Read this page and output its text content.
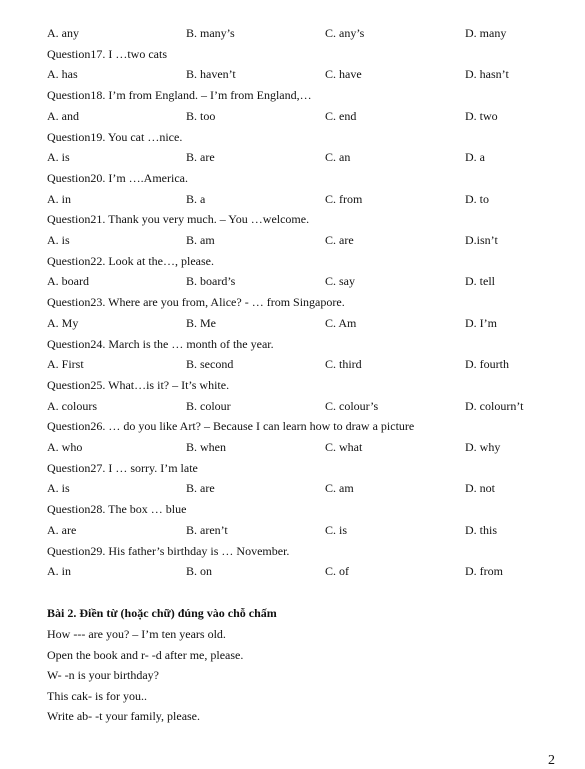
A. any	B. many’s	C. any’s	D. many
Question17. I …two cats
A. has	B. haven’t	C. have	D. hasn’t
Question18. I’m from England. – I’m from England,…
A. and	B. too	C. end	D. two
Question19. You cat …nice.
A. is	B. are	C. an	D. a
Question20. I’m ….America.
A. in	B. a	C. from	D. to
Question21. Thank you very much. – You …welcome.
A. is	B. am	C. are	D.isn’t
Question22. Look at the…, please.
A. board	B. board’s	C. say	D. tell
Question23. Where are you from, Alice? - … from Singapore.
A. My	B. Me	C. Am	D. I’m
Question24. March is the … month of the year.
A. First	B. second	C. third	D. fourth
Question25. What…is it? – It’s white.
A. colours	B. colour	C. colour’s	D. colourn’t
Question26. … do you like Art? – Because I can learn how to draw a picture
A. who	B. when	C. what	D. why
Question27. I … sorry. I’m late
A. is	B. are	C. am	D. not
Question28. The box … blue
A. are	B. aren’t	C. is	D. this
Question29. His father’s birthday is … November.
A. in	B. on	C. of	D. from
Bài 2. Điền từ (hoặc chữ) đúng vào chỗ chấm
How --- are you? – I’m ten years old.
Open the book and r- -d after me, please.
W- -n is your birthday?
This cak- is for you..
Write ab- -t your family, please.
2
